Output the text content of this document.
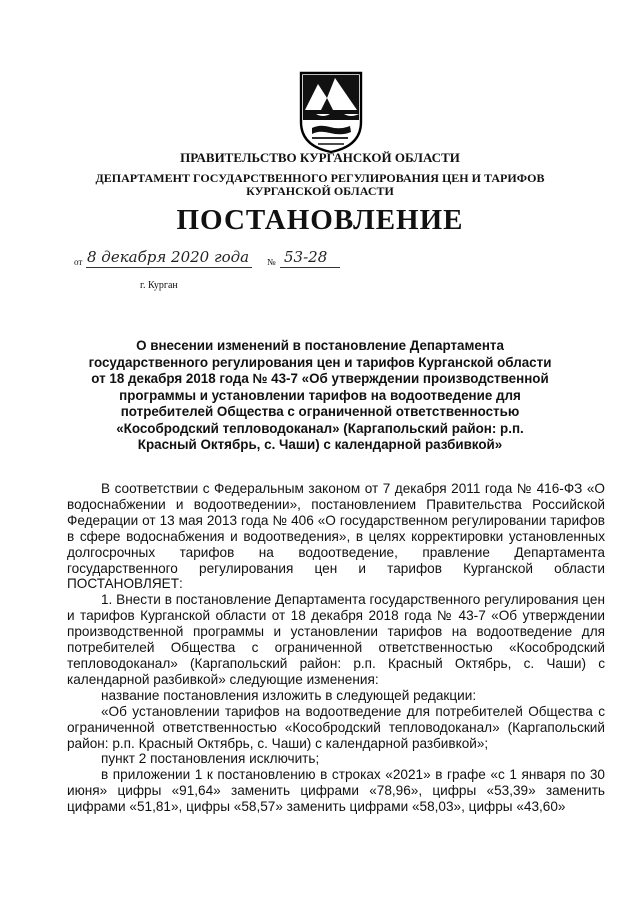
ПРАВИТЕЛЬСТВО КУРГАНСКОЙ ОБЛАСТИ
ДЕПАРТАМЕНТ ГОСУДАРСТВЕННОГО РЕГУЛИРОВАНИЯ ЦЕН И ТАРИФОВ
КУРГАНСКОЙ ОБЛАСТИ
ПОСТАНОВЛЕНИЕ
от 8 декабря 2020 года № 53-28
г. Курган
О внесении изменений в постановление Департамента государственного регулирования цен и тарифов Курганской области от 18 декабря 2018 года № 43-7 «Об утверждении производственной программы и установлении тарифов на водоотведение для потребителей Общества с ограниченной ответственностью «Кособродский тепловодоканал» (Каргапольский район: р.п. Красный Октябрь, с. Чаши) с календарной разбивкой»

В соответствии с Федеральным законом от 7 декабря 2011 года № 416-ФЗ «О водоснабжении и водоотведении», постановлением Правительства Российской Федерации от 13 мая 2013 года № 406 «О государственном регулировании тарифов в сфере водоснабжения и водоотведения», в целях корректировки установленных долгосрочных тарифов на водоотведение, правление Департамента государственного регулирования цен и тарифов Курганской области ПОСТАНОВЛЯЕТ:

1. Внести в постановление Департамента государственного регулирования цен и тарифов Курганской области от 18 декабря 2018 года № 43-7 «Об утверждении производственной программы и установлении тарифов на водоотведение для потребителей Общества с ограниченной ответственностью «Кособродский тепловодоканал» (Каргапольский район: р.п. Красный Октябрь, с. Чаши) с календарной разбивкой» следующие изменения:

название постановления изложить в следующей редакции:

«Об установлении тарифов на водоотведение для потребителей Общества с ограниченной ответственностью «Кособродский тепловодоканал» (Каргапольский район: р.п. Красный Октябрь, с. Чаши) с календарной разбивкой»;

пункт 2 постановления исключить;

в приложении 1 к постановлению в строках «2021» в графе «с 1 января по 30 июня» цифры «91,64» заменить цифрами «78,96», цифры «53,39» заменить цифрами «51,81», цифры «58,57» заменить цифрами «58,03», цифры «43,60»
